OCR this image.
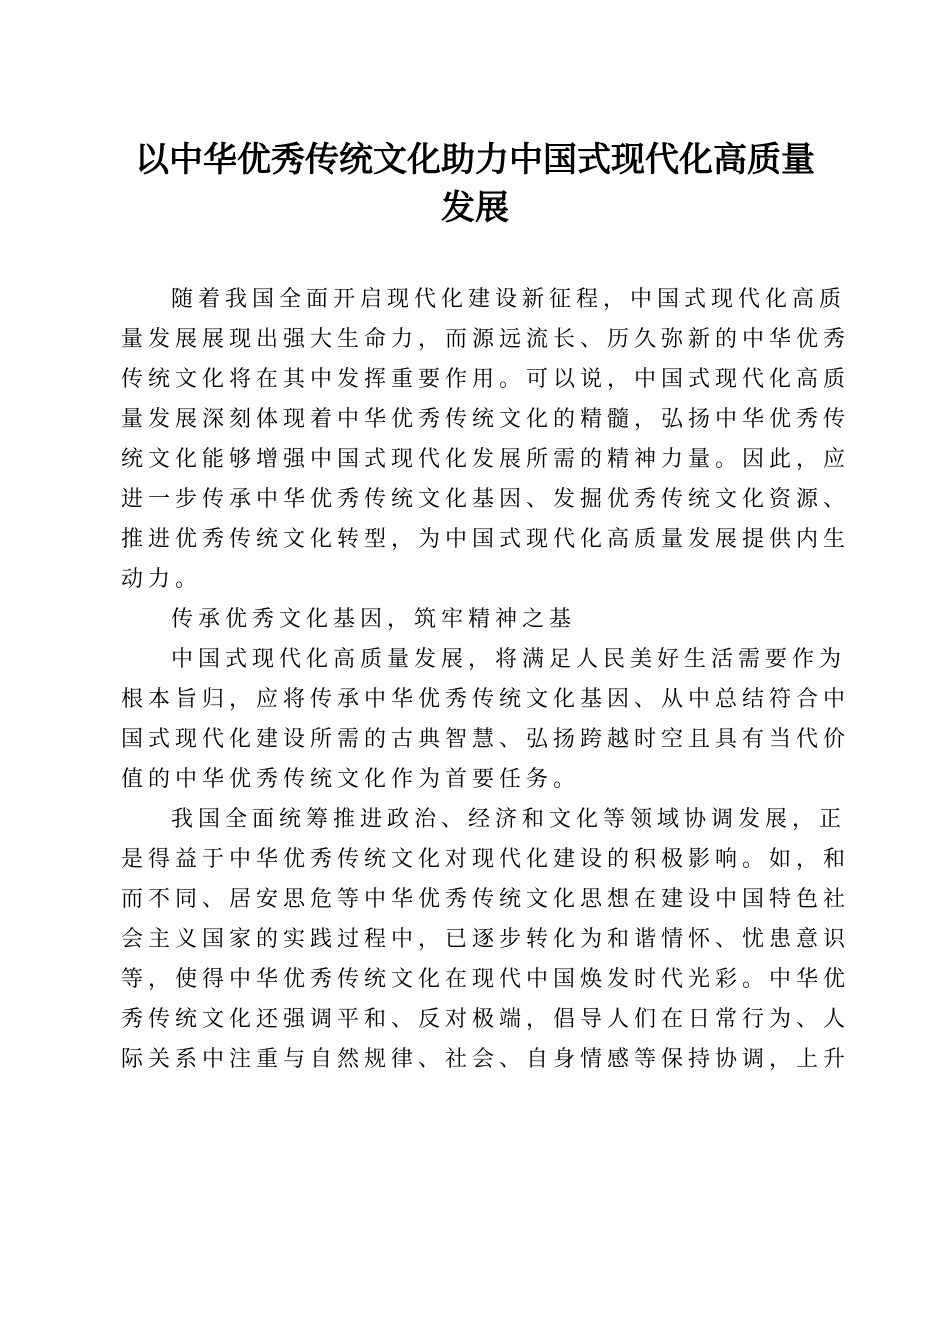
以中华优秀传统文化助力中国式现代化高质量
发展
随着我国全面开启现代化建设新征程，中国式现代化高质
量发展展现出强大生命力，而源远流长、历久弥新的中华优秀
传统文化将在其中发挥重要作用。可以说，中国式现代化高质
量发展深刻体现着中华优秀传统文化的精髓，弘扬中华优秀传
统文化能够增强中国式现代化发展所需的精神力量。因此，应
进一步传承中华优秀传统文化基因、发掘优秀传统文化资源、
推进优秀传统文化转型，为中国式现代化高质量发展提供内生
动力。
传承优秀文化基因，筑牢精神之基
中国式现代化高质量发展，将满足人民美好生活需要作为
根本旨归，应将传承中华优秀传统文化基因、从中总结符合中
国式现代化建设所需的古典智慧、弘扬跨越时空且具有当代价
值的中华优秀传统文化作为首要任务。
我国全面统筹推进政治、经济和文化等领域协调发展，正
是得益于中华优秀传统文化对现代化建设的积极影响。如，和
而不同、居安思危等中华优秀传统文化思想在建设中国特色社
会主义国家的实践过程中，已逐步转化为和谐情怀、忧患意识
等，使得中华优秀传统文化在现代中国焕发时代光彩。中华优
秀传统文化还强调平和、反对极端，倡导人们在日常行为、人
际关系中注重与自然规律、社会、自身情感等保持协调，上升
